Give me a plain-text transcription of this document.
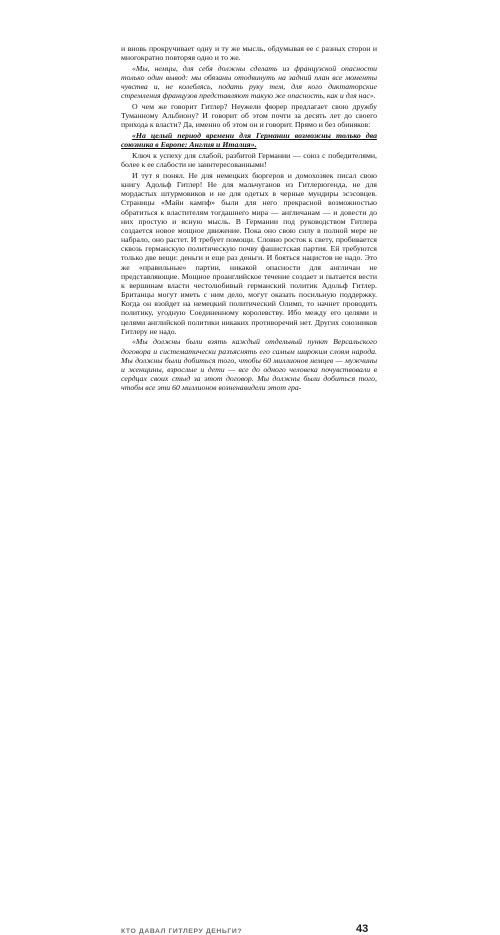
и вновь прокручивает одну и ту же мысль, обдумывая ее с разных сторон и многократно повторяя одно и то же.

«Мы, немцы, для себя должны сделать из французской опасности только один вывод: мы обязаны отодвинуть на задний план все моменты чувства и, не колеблясь, подать руку тем, для кого диктаторские стремления французов представляют такую же опасность, как и для нас».

О чем же говорит Гитлер? Неужели фюрер предлагает свою дружбу Туманному Альбиону? И говорит об этом почти за десять лет до своего прихода к власти? Да, именно об этом он и говорит. Прямо и без обиняков:

«На целый период времени для Германии возможны только два союзника в Европе: Англия и Италия».

Ключ к успеху для слабой, разбитой Германии — союз с победителями, более к ее слабости не заинтересованными!

И тут я понял. Не для немецких бюргеров и домохозяек писал свою книгу Адольф Гитлер! Не для мальчуганов из Гитлерюгенда, не для мордастых штурмовиков и не для одетых в черные мундиры эсэсовцев. Страницы «Майн кампф» были для него прекрасной возможностью обратиться к властителям тогдашнего мира — англичанам — и довести до них простую и ясную мысль. В Германии под руководством Гитлера создается новое мощное движение. Пока оно свою силу в полной мере не набрало, оно растет. И требует помощи. Словно росток к свету, пробивается сквозь германскую политическую почву фашистская партия. Ей требуются только две вещи: деньги и еще раз деньги. И бояться нацистов не надо. Это же «правильные» партии, никакой опасности для англичан не представляющие. Мощное проанглийское течение создает и пытается вести к вершинам власти честолюбивый германский политик Адольф Гитлер. Британцы могут иметь с ним дело, могут оказать посильную поддержку. Когда он взойдет на немецкий политический Олимп, то начнет проводить политику, угодную Соединенному королевству. Ибо между его целями и целями английской политики никаких противоречий нет. Других союзников Гитлеру не надо.

«Мы должны были взять каждый отдельный пункт Версальского договора и систематически разъяснять его самым широким слоям народа. Мы должны были добиться того, чтобы 60 миллионов немцев — мужчины и женщины, взрослые и дети — все до одного человека почувствовали в сердцах своих стыд за этот договор. Мы должны были добиться того, чтобы все эти 60 миллионов возненавидели этот гра-

КТО ДАВАЛ ГИТЛЕРУ ДЕНЬГИ?	43
